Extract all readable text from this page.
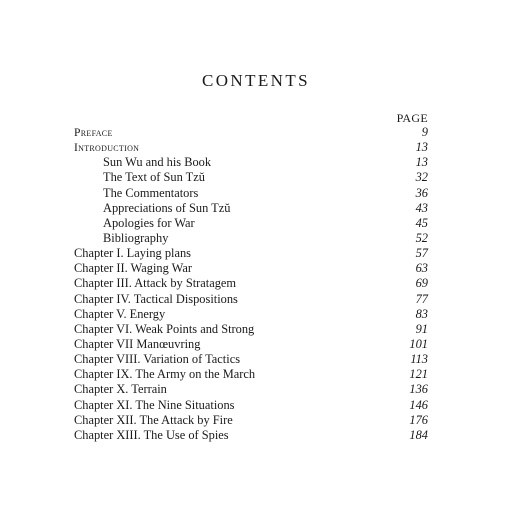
CONTENTS
PAGE
Preface	9
Introduction	13
Sun Wu and his Book	13
The Text of Sun Tzŭ	32
The Commentators	36
Appreciations of Sun Tzŭ	43
Apologies for War	45
Bibliography	52
Chapter I. Laying plans	57
Chapter II. Waging War	63
Chapter III. Attack by Stratagem	69
Chapter IV. Tactical Dispositions	77
Chapter V. Energy	83
Chapter VI. Weak Points and Strong	91
Chapter VII Manœuvring	101
Chapter VIII. Variation of Tactics	113
Chapter IX. The Army on the March	121
Chapter X. Terrain	136
Chapter XI. The Nine Situations	146
Chapter XII. The Attack by Fire	176
Chapter XIII. The Use of Spies	184
